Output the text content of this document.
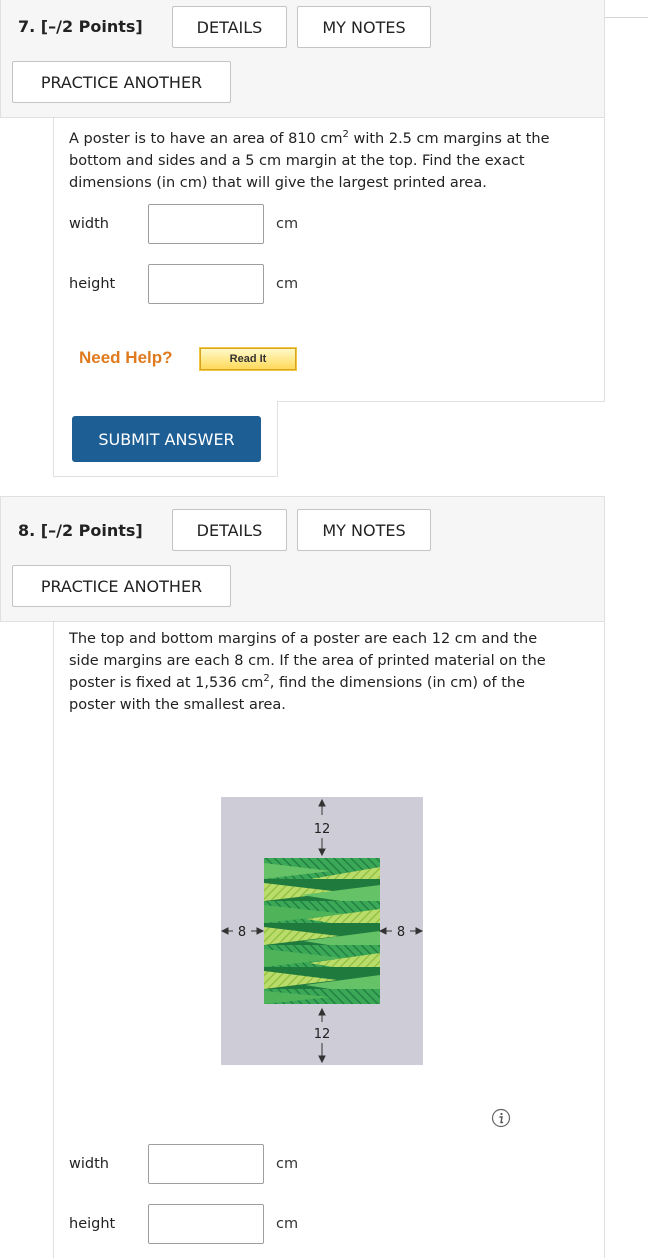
7. [–/2 Points]	DETAILS	MY NOTES
PRACTICE ANOTHER
A poster is to have an area of 810 $cm^2$ with 2.5 cm margins at the
bottom and sides and a 5 cm margin at the top. Find the exact
dimensions (in cm) that will give the largest printed area.
width	cm
height	cm
Need Help?	Read It
SUBMIT ANSWER
8. [–/2 Points]	DETAILS	MY NOTES
PRACTICE ANOTHER
The top and bottom margins of a poster are each 12 cm and the
side margins are each 8 cm. If the area of printed material on the
poster is fixed at 1,536 $cm^2$, find the dimensions (in cm) of the
poster with the smallest area.
12
12
8	8
width	cm
height	cm
